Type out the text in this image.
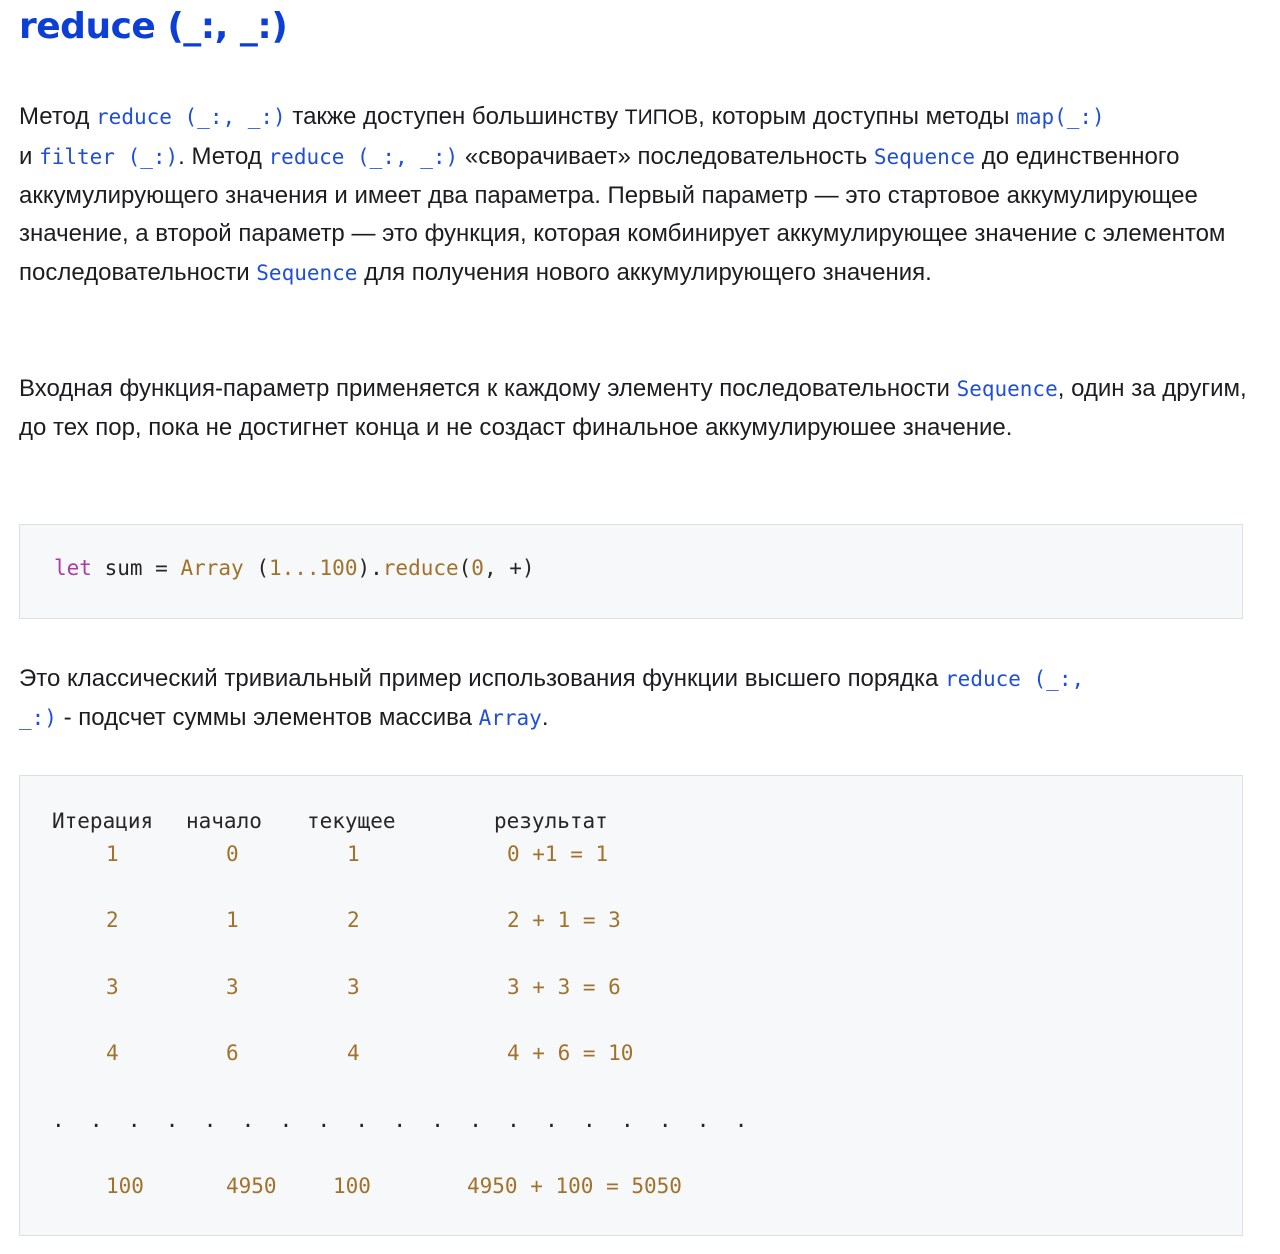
reduce (_:, _:)

Метод reduce (_:, _:) также доступен большинству ТИПОВ, которым доступны методы map(_:)
и filter (_:). Метод reduce (_:, _:) «сворачивает» последовательность Sequence до единственного аккумулирующего значения и имеет два параметра. Первый параметр — это стартовое аккумулирующее значение, а второй параметр — это функция, которая комбинирует аккумулирующее значение с элементом последовательности Sequence для получения нового аккумулирующего значения.

Входная функция-параметр применяется к каждому элементу последовательности Sequence, один за другим, до тех пор, пока не достигнет конца и не создаст финальное аккумулируюшее значение.

let sum = Array (1...100).reduce(0, +)

Это классический тривиальный пример использования функции высшего порядка reduce (_:,
_:) - подсчет суммы элементов массива Array.

Итерация начало текущее	результат
1	0	1	0 +1 = 1
2	1	2	2 + 1 = 3
3	3	3	3 + 3 = 6
4	6	4	4 + 6 = 10
.  .  .  .  .  .  .  .  .  .  .  .  .  .  .  .  .  .  .
100	4950	100	4950 + 100 = 5050
